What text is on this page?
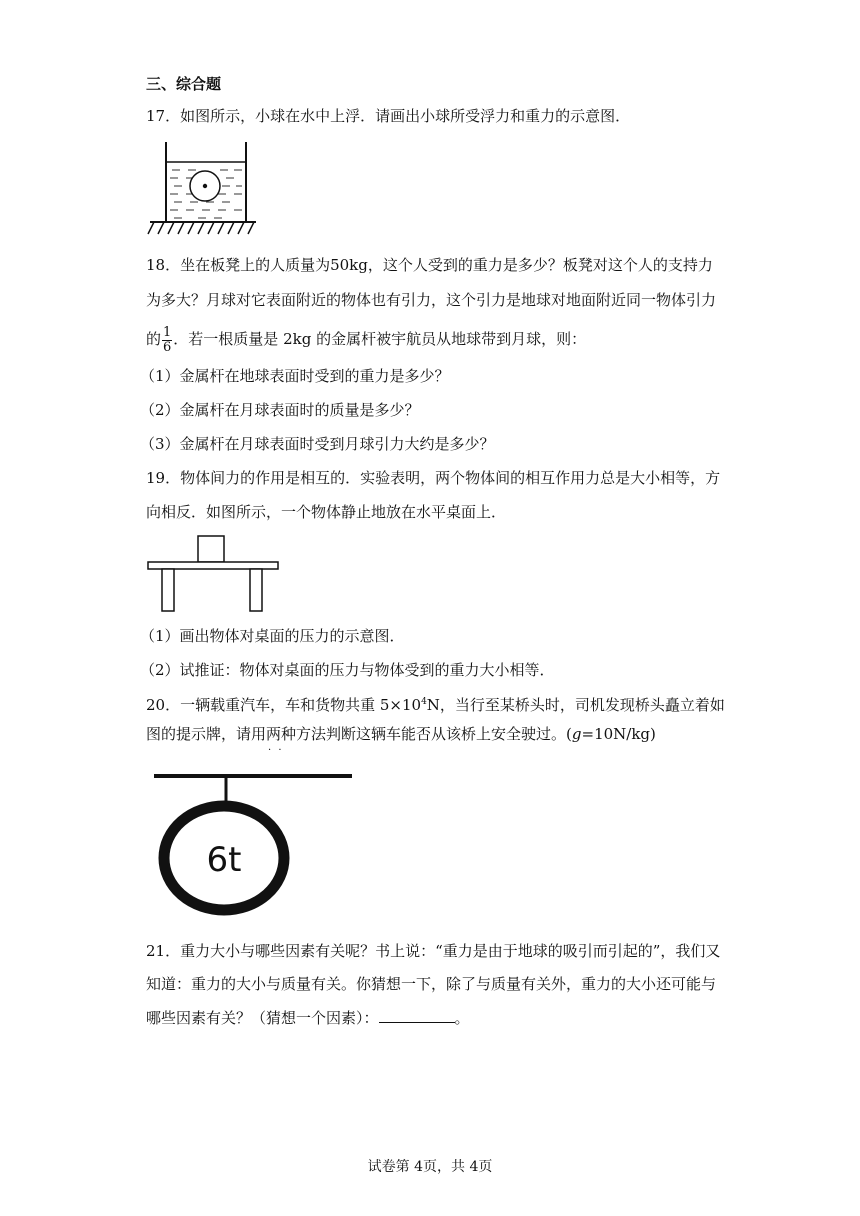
三、综合题
17．如图所示，小球在水中上浮．请画出小球所受浮力和重力的示意图．
18．坐在板凳上的人质量为50kg，这个人受到的重力是多少？板凳对这个人的支持力
为多大？月球对它表面附近的物体也有引力，这个引力是地球对地面附近同一物体引力
的 $\frac{1}{6}$ ．若一根质量是 2kg 的金属杆被宇航员从地球带到月球，则：
（1）金属杆在地球表面时受到的重力是多少？
（2）金属杆在月球表面时的质量是多少？
（3）金属杆在月球表面时受到月球引力大约是多少？
19．物体间力的作用是相互的．实验表明，两个物体间的相互作用力总是大小相等，方
向相反．如图所示，一个物体静止地放在水平桌面上．
（1）画出物体对桌面的压力的示意图．
（2）试推证：物体对桌面的压力与物体受到的重力大小相等．
20．一辆载重汽车，车和货物共重 $5\times 10^4N$，当行至某桥头时，司机发现桥头矗立着如
图的提示牌，请用两种 · ·方法判断这辆车能否从该桥上安全驶过。(g=10N/kg)
6t
21．重力大小与哪些因素有关呢？书上说：“重力是由于地球的吸引而引起的”，我们又
知道：重力的大小与质量有关。你猜想一下，除了与质量有关外，重力的大小还可能与
哪些因素有关？（猜想一个因素）：	。
试卷第 4页，共 4页
